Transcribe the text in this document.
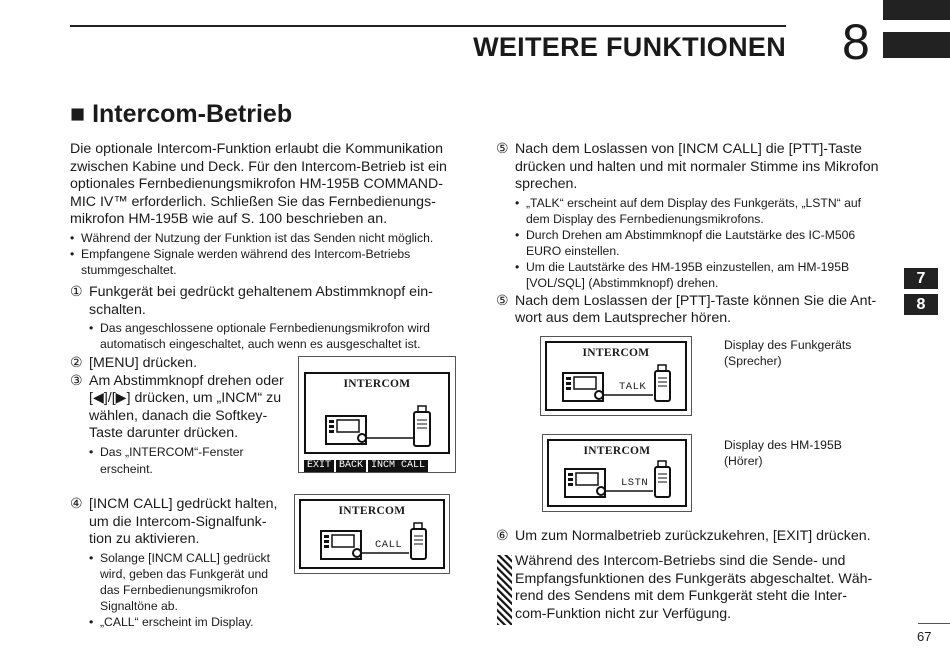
WEITERE FUNKTIONEN 8
■ Intercom-Betrieb
Die optionale Intercom-Funktion erlaubt die Kommunikation
zwischen Kabine und Deck. Für den Intercom-Betrieb ist ein
optionales Fernbedienungsmikrofon HM-195B COMMAND-
MIC IV™ erforderlich. Schließen Sie das Fernbedienungs-
mikrofon HM-195B wie auf S. 100 beschrieben an.
• Während der Nutzung der Funktion ist das Senden nicht möglich.
• Empfangene Signale werden während des Intercom-Betriebs
stummgeschaltet.
① Funkgerät bei gedrückt gehaltenem Abstimmknopf ein-
schalten.
• Das angeschlossene optionale Fernbedienungsmikrofon wird
automatisch eingeschaltet, auch wenn es ausgeschaltet ist.
② [MENU] drücken.
③ Am Abstimmknopf drehen oder
[◀]/[▶] drücken, um „INCM“ zu
wählen, danach die Softkey-
Taste darunter drücken.
• Das „INTERCOM“-Fenster
erscheint.
④ [INCM CALL] gedrückt halten,
um die Intercom-Signalfunk-
tion zu aktivieren.
• Solange [INCM CALL] gedrückt
wird, geben das Funkgerät und
das Fernbedienungsmikrofon
Signaltöne ab.
• „CALL“ erscheint im Display.
INTERCOM
EXIT BACK INCM CALL
INTERCOM
CALL
⑤ Nach dem Loslassen von [INCM CALL] die [PTT]-Taste
drücken und halten und mit normaler Stimme ins Mikrofon
sprechen.
• „TALK“ erscheint auf dem Display des Funkgeräts, „LSTN“ auf
dem Display des Fernbedienungsmikrofons.
• Durch Drehen am Abstimmknopf die Lautstärke des IC-M506
EURO einstellen.
• Um die Lautstärke des HM-195B einzustellen, am HM-195B
[VOL/SQL] (Abstimmknopf) drehen.
⑤ Nach dem Loslassen der [PTT]-Taste können Sie die Ant-
wort aus dem Lautsprecher hören.
INTERCOM
TALK
INTERCOM
LSTN
Display des Funkgeräts
(Sprecher)
Display des HM-195B
(Hörer)
⑥ Um zum Normalbetrieb zurückzukehren, [EXIT] drücken.
Während des Intercom-Betriebs sind die Sende- und
Empfangsfunktionen des Funkgeräts abgeschaltet. Wäh-
rend des Sendens mit dem Funkgerät steht die Inter-
com-Funktion nicht zur Verfügung.
7
8
67
